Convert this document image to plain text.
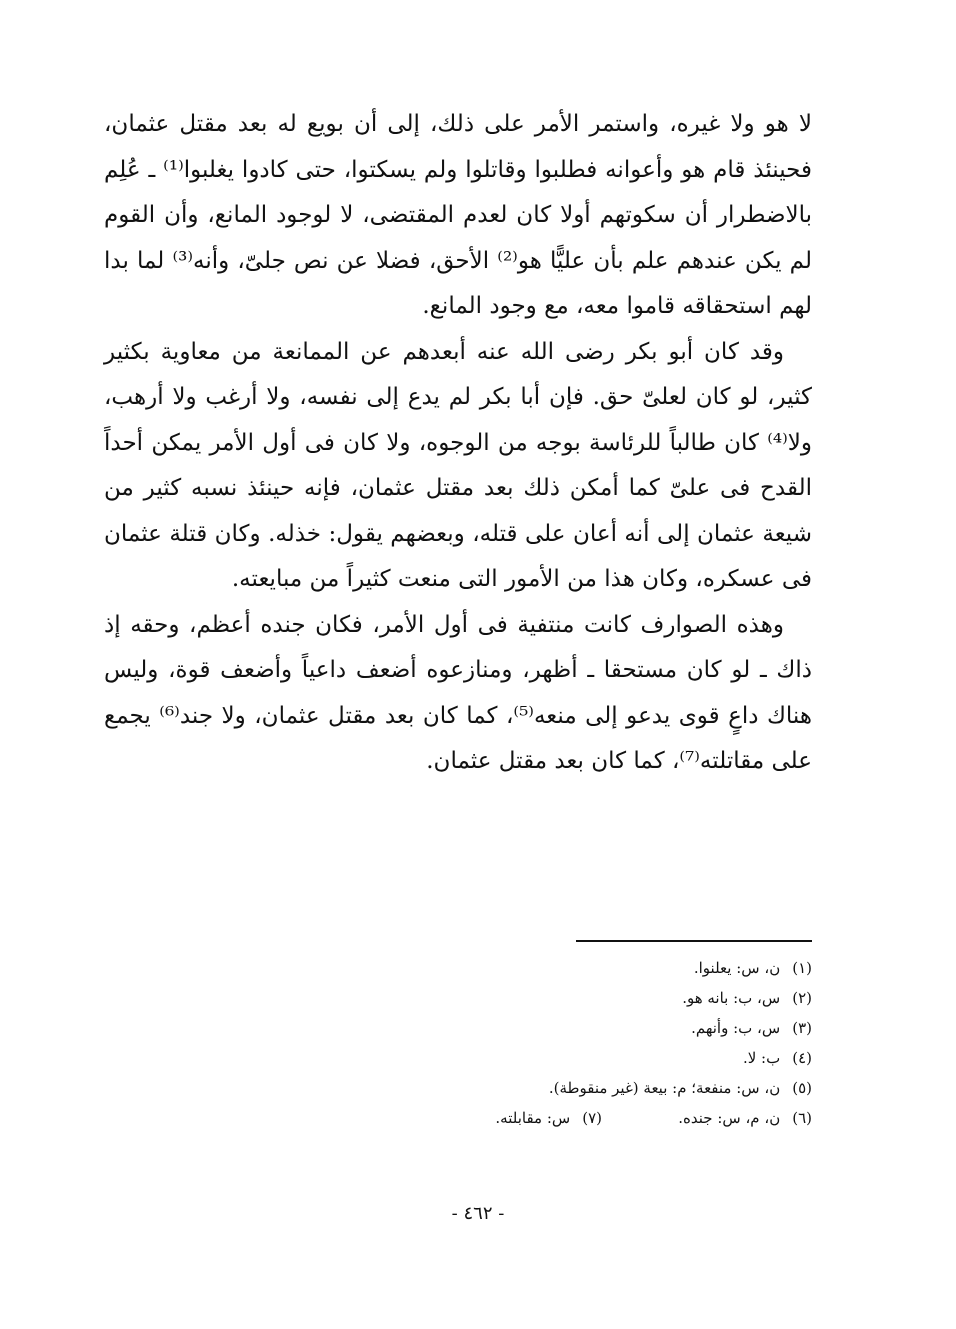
لا هو ولا غيره، واستمر الأمر على ذلك، إلى أن بويع له بعد مقتل عثمان، فحينئذ قام هو وأعوانه فطلبوا وقاتلوا ولم يسكتوا، حتى كادوا يغلبوا⁽¹⁾ ـ عُلِم بالاضطرار أن سكوتهم أولا كان لعدم المقتضى، لا لوجود المانع، وأن القوم لم يكن عندهم علم بأن عليًّا هو⁽²⁾ الأحق، فضلا عن نص جلىّ، وأنه⁽³⁾ لما بدا لهم استحقاقه قاموا معه، مع وجود المانع.

وقد كان أبو بكر رضى الله عنه أبعدهم عن الممانعة من معاوية بكثير كثير، لو كان لعلىّ حق. فإن أبا بكر لم يدع إلى نفسه، ولا أرغب ولا أرهب، ولا⁽⁴⁾ كان طالباً للرئاسة بوجه من الوجوه، ولا كان فى أول الأمر يمكن أحداً القدح فى علىّ كما أمكن ذلك بعد مقتل عثمان، فإنه حينئذ نسبه كثير من شيعة عثمان إلى أنه أعان على قتله، وبعضهم يقول: خذله. وكان قتلة عثمان فى عسكره، وكان هذا من الأمور التى منعت كثيراً من مبايعته.

وهذه الصوارف كانت منتفية فى أول الأمر، فكان جنده أعظم، وحقه إذ ذاك ـ لو كان مستحقا ـ أظهر، ومنازعوه أضعف داعياً وأضعف قوة، وليس هناك داعٍ قوى يدعو إلى منعه⁽⁵⁾، كما كان بعد مقتل عثمان، ولا جند⁽⁶⁾ يجمع على مقاتلته⁽⁷⁾، كما كان بعد مقتل عثمان.

(١)
ن، س: يعلنوا.
(٢)
س، ب: بانه هو.
(٣)
س، ب: وأنهم.
(٤)
ب: لا.
(٥)
ن، س: منفعة؛ م: بيعة (غير منقوطة).
(٦)ن، م، س: جنده.
(٧)س: مقابلته.
- ٤٦٢ -
